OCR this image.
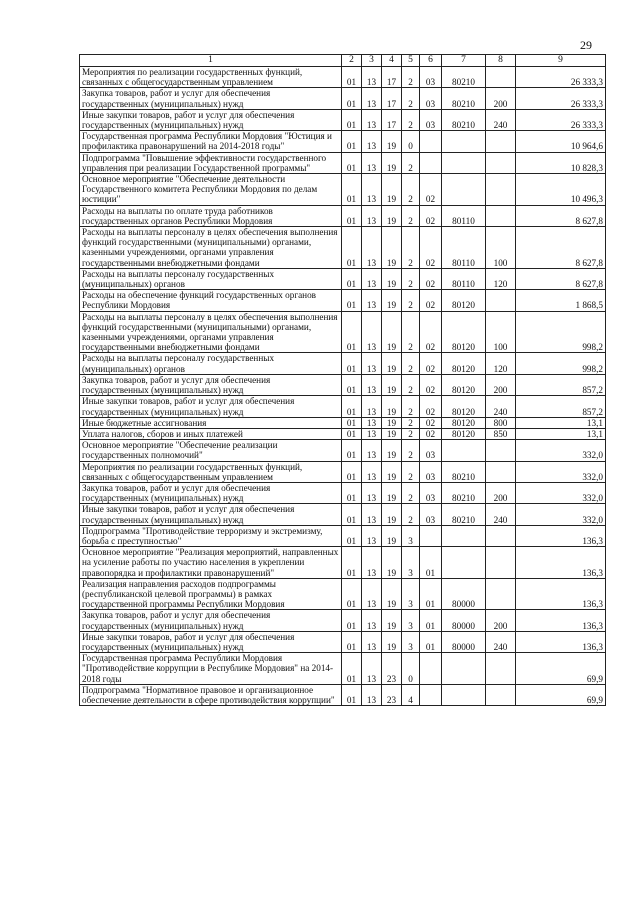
29
1	2	3	4	5	6	7	8	9
Мероприятия по реализации государственных функций, связанных с общегосударственным управлением	01	13	17	2	03	80210		26 333,3
Закупка товаров, работ и услуг для обеспечения государственных (муниципальных) нужд	01	13	17	2	03	80210	200	26 333,3
Иные закупки товаров, работ и услуг для обеспечения государственных (муниципальных) нужд	01	13	17	2	03	80210	240	26 333,3
Государственная программа Республики Мордовия "Юстиция и профилактика правонарушений на 2014-2018 годы"	01	13	19	0				10 964,6
Подпрограмма "Повышение эффективности государственного управления при реализации Государственной программы"	01	13	19	2				10 828,3
Основное мероприятие "Обеспечение деятельности Государственного комитета Республики Мордовия по делам юстиции"	01	13	19	2	02			10 496,3
Расходы на выплаты по оплате труда работников государственных органов Республики Мордовия	01	13	19	2	02	80110		8 627,8
Расходы на выплаты персоналу в целях обеспечения выполнения функций государственными (муниципальными) органами, казенными учреждениями, органами управления государственными внебюджетными фондами	01	13	19	2	02	80110	100	8 627,8
Расходы на выплаты персоналу государственных (муниципальных) органов	01	13	19	2	02	80110	120	8 627,8
Расходы на обеспечение функций государственных органов Республики Мордовия	01	13	19	2	02	80120		1 868,5
Расходы на выплаты персоналу в целях обеспечения выполнения функций государственными (муниципальными) органами, казенными учреждениями, органами управления государственными внебюджетными фондами	01	13	19	2	02	80120	100	998,2
Расходы на выплаты персоналу государственных (муниципальных) органов	01	13	19	2	02	80120	120	998,2
Закупка товаров, работ и услуг для обеспечения государственных (муниципальных) нужд	01	13	19	2	02	80120	200	857,2
Иные закупки товаров, работ и услуг для обеспечения государственных (муниципальных) нужд	01	13	19	2	02	80120	240	857,2
Иные бюджетные ассигнования	01	13	19	2	02	80120	800	13,1
Уплата налогов, сборов и иных платежей	01	13	19	2	02	80120	850	13,1
Основное мероприятие "Обеспечение реализации государственных полномочий"	01	13	19	2	03			332,0
Мероприятия по реализации государственных функций, связанных с общегосударственным управлением	01	13	19	2	03	80210		332,0
Закупка товаров, работ и услуг для обеспечения государственных (муниципальных) нужд	01	13	19	2	03	80210	200	332,0
Иные закупки товаров, работ и услуг для обеспечения государственных (муниципальных) нужд	01	13	19	2	03	80210	240	332,0
Подпрограмма "Противодействие терроризму и экстремизму, борьба с преступностью"	01	13	19	3				136,3
Основное мероприятие "Реализация мероприятий, направленных на усиление работы по участию населения в укреплении правопорядка и профилактики правонарушений"	01	13	19	3	01			136,3
Реализация направления расходов подпрограммы (республиканской целевой программы) в рамках государственной программы Республики Мордовия	01	13	19	3	01	80000		136,3
Закупка товаров, работ и услуг для обеспечения государственных (муниципальных) нужд	01	13	19	3	01	80000	200	136,3
Иные закупки товаров, работ и услуг для обеспечения государственных (муниципальных) нужд	01	13	19	3	01	80000	240	136,3
Государственная программа Республики Мордовия "Противодействие коррупции в Республике Мордовия" на 2014-2018 годы	01	13	23	0				69,9
Подпрограмма "Нормативное правовое и организационное обеспечение деятельности в сфере противодействия коррупции"	01	13	23	4				69,9
